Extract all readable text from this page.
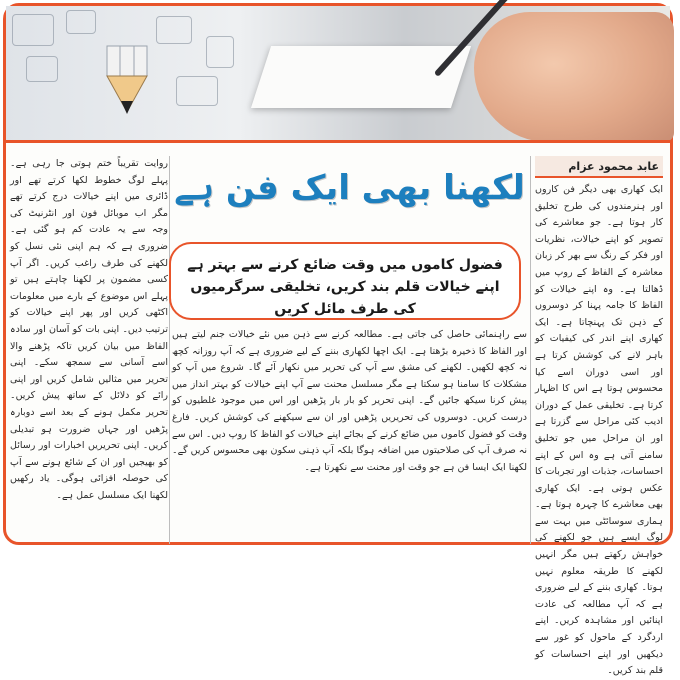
روایت تقریباً ختم ہوتی جا رہی ہے۔ پہلے لوگ خطوط لکھا کرتے تھے اور ڈائری میں اپنے خیالات درج کرتے تھے مگر اب موبائل فون اور انٹرنیٹ کی وجہ سے یہ عادت کم ہو گئی ہے۔ ضروری ہے کہ ہم اپنی نئی نسل کو لکھنے کی طرف راغب کریں۔ اگر آپ کسی مضمون پر لکھنا چاہتے ہیں تو پہلے اس موضوع کے بارے میں معلومات اکٹھی کریں اور پھر اپنے خیالات کو ترتیب دیں۔ اپنی بات کو آسان اور سادہ الفاظ میں بیان کریں تاکہ پڑھنے والا اسے آسانی سے سمجھ سکے۔ اپنی تحریر میں مثالیں شامل کریں اور اپنی رائے کو دلائل کے ساتھ پیش کریں۔ تحریر مکمل ہونے کے بعد اسے دوبارہ پڑھیں اور جہاں ضرورت ہو تبدیلی کریں۔ اپنی تحریریں اخبارات اور رسائل کو بھیجیں اور ان کے شائع ہونے سے آپ کی حوصلہ افزائی ہوگی۔ یاد رکھیں لکھنا ایک مسلسل عمل ہے۔
لکھنا بھی ایک فن ہے
فضول کاموں میں وقت ضائع کرنے سے بہتر ہے اپنے خیالات قلم بند کریں، تخلیقی سرگرمیوں کی طرف مائل کریں
سے راہنمائی حاصل کی جاتی ہے۔ مطالعہ کرنے سے ذہن میں نئے خیالات جنم لیتے ہیں اور الفاظ کا ذخیرہ بڑھتا ہے۔ ایک اچھا لکھاری بننے کے لیے ضروری ہے کہ آپ روزانہ کچھ نہ کچھ لکھیں۔ لکھنے کی مشق سے آپ کی تحریر میں نکھار آئے گا۔ شروع میں آپ کو مشکلات کا سامنا ہو سکتا ہے مگر مسلسل محنت سے آپ اپنے خیالات کو بہتر انداز میں پیش کرنا سیکھ جائیں گے۔ اپنی تحریر کو بار بار پڑھیں اور اس میں موجود غلطیوں کو درست کریں۔ دوسروں کی تحریریں پڑھیں اور ان سے سیکھنے کی کوشش کریں۔ فارغ وقت کو فضول کاموں میں ضائع کرنے کے بجائے اپنے خیالات کو الفاظ کا روپ دیں۔ اس سے نہ صرف آپ کی صلاحیتوں میں اضافہ ہوگا بلکہ آپ ذہنی سکون بھی محسوس کریں گے۔ لکھنا ایک ایسا فن ہے جو وقت اور محنت سے نکھرتا ہے۔
ایک کھاری بھی دیگر فن کاروں اور ہنرمندوں کی طرح تخلیق کار ہوتا ہے۔ جو معاشرے کی تصویر کو اپنے خیالات، نظریات اور فکر کے رنگ سے بھر کر زبان معاشرہ کے الفاظ کے روپ میں ڈھالتا ہے۔ وہ اپنے خیالات کو الفاظ کا جامہ پہنا کر دوسروں کے ذہن تک پہنچاتا ہے۔ ایک کھاری اپنے اندر کی کیفیات کو باہر لانے کی کوشش کرتا ہے اور اسی دوران اسے کیا محسوس ہوتا ہے اس کا اظہار کرتا ہے۔ تخلیقی عمل کے دوران ادیب کئی مراحل سے گزرتا ہے اور ان مراحل میں جو تخلیق سامنے آتی ہے وہ اس کے اپنے احساسات، جذبات اور تجربات کا عکس ہوتی ہے۔ ایک کھاری بھی معاشرے کا چہرہ ہوتا ہے۔ ہماری سوسائٹی میں بہت سے لوگ ایسے ہیں جو لکھنے کی خواہش رکھتے ہیں مگر انہیں لکھنے کا طریقہ معلوم نہیں ہوتا۔ کھاری بننے کے لیے ضروری ہے کہ آپ مطالعہ کی عادت اپنائیں اور مشاہدہ کریں۔ اپنے اردگرد کے ماحول کو غور سے دیکھیں اور اپنے احساسات کو قلم بند کریں۔
عابد محمود عزام
